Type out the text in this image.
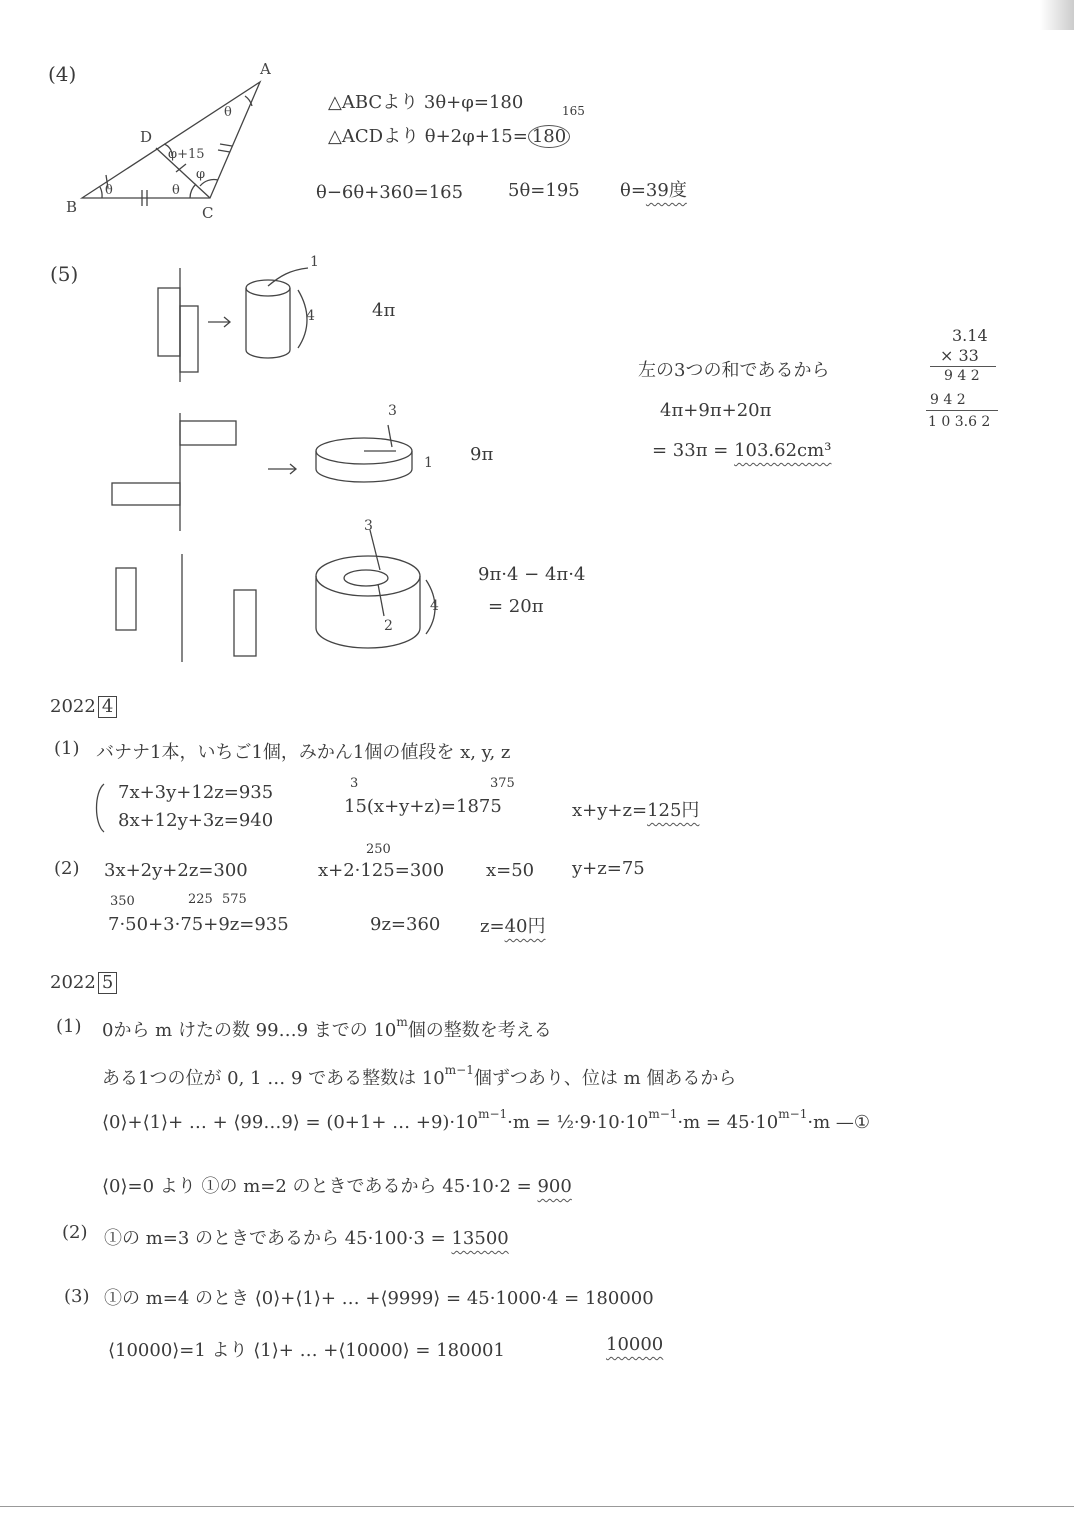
(4)	A
B	C
D
θ
θ
θ
φ
φ+15
△ABCより 3θ+φ=180	165
△ACDより θ+2φ+15= 180
θ−6θ+360=165 5θ=195 θ=39度
(5)	1
4	4π
3
1 9π
3
2
4
9π·4 − 4π·4
= 20π
左の3つの和であるから
4π+9π+20π
= 33π = 103.62cm³
3.14
× 33
9 4 2
9 4 2
1 0 3.6 2
2022 4
(1) バナナ1本，いちご1個，みかん1個の値段を x, y, z
7x+3y+12z=935
8x+12y+3z=940
3	375
15(x+y+z)=1875	x+y+z=125円
(2) 3x+2y+2z=300
250
x+2·125=300 x=50 y+z=75
350	225 575
7·50+3·75+9z=935	9z=360 z=40円
2022 5
(1) 0から m けたの数 99…9 までの 10$^m$個の整数を考える
ある1つの位が 0, 1 … 9 である整数は $10^{m-1}$個ずつあり、位は m 個あるから
⟨0⟩+⟨1⟩+ … + ⟨99…9⟩ = (0+1+ … $+9)\cdot 10^{m-1}\cdot m$ = $\frac{1}{2}\cdot 9\cdot 10\cdot 10^{m-1}\cdot m = 45\cdot 10^{m-1}\cdot m$ —①
⟨0⟩=0 より ①の m=2 のときであるから 45·10·2 = 900
(2) ①の m=3 のときであるから 45·100·3 = 13500
(3) ①の m=4 のとき ⟨0⟩+⟨1⟩+ … +⟨9999⟩ = 45·1000·4 = 180000
⟨10000⟩=1 より ⟨1⟩+ … +⟨10000⟩ = 180001	10000
